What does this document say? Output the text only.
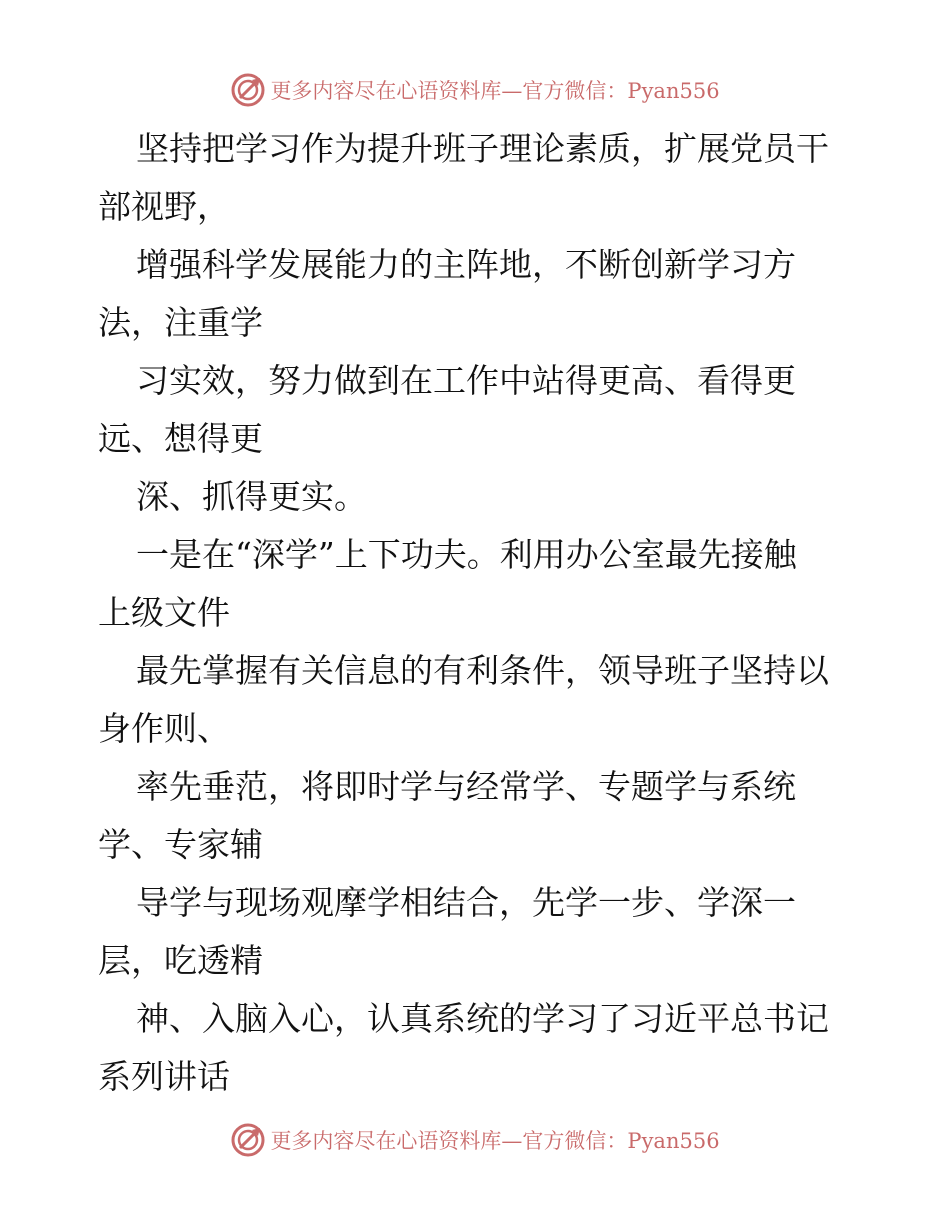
更多内容尽在心语资料库—官方微信：Pyan556
坚持把学习作为提升班子理论素质，扩展党员干
部视野，
增强科学发展能力的主阵地，不断创新学习方
法，注重学
习实效，努力做到在工作中站得更高、看得更
远、想得更
深、抓得更实。
一是在“深学”上下功夫。利用办公室最先接触
上级文件
最先掌握有关信息的有利条件，领导班子坚持以
身作则、
率先垂范，将即时学与经常学、专题学与系统
学、专家辅
导学与现场观摩学相结合，先学一步、学深一
层，吃透精
神、入脑入心，认真系统的学习了习近平总书记
系列讲话
更多内容尽在心语资料库—官方微信：Pyan556
